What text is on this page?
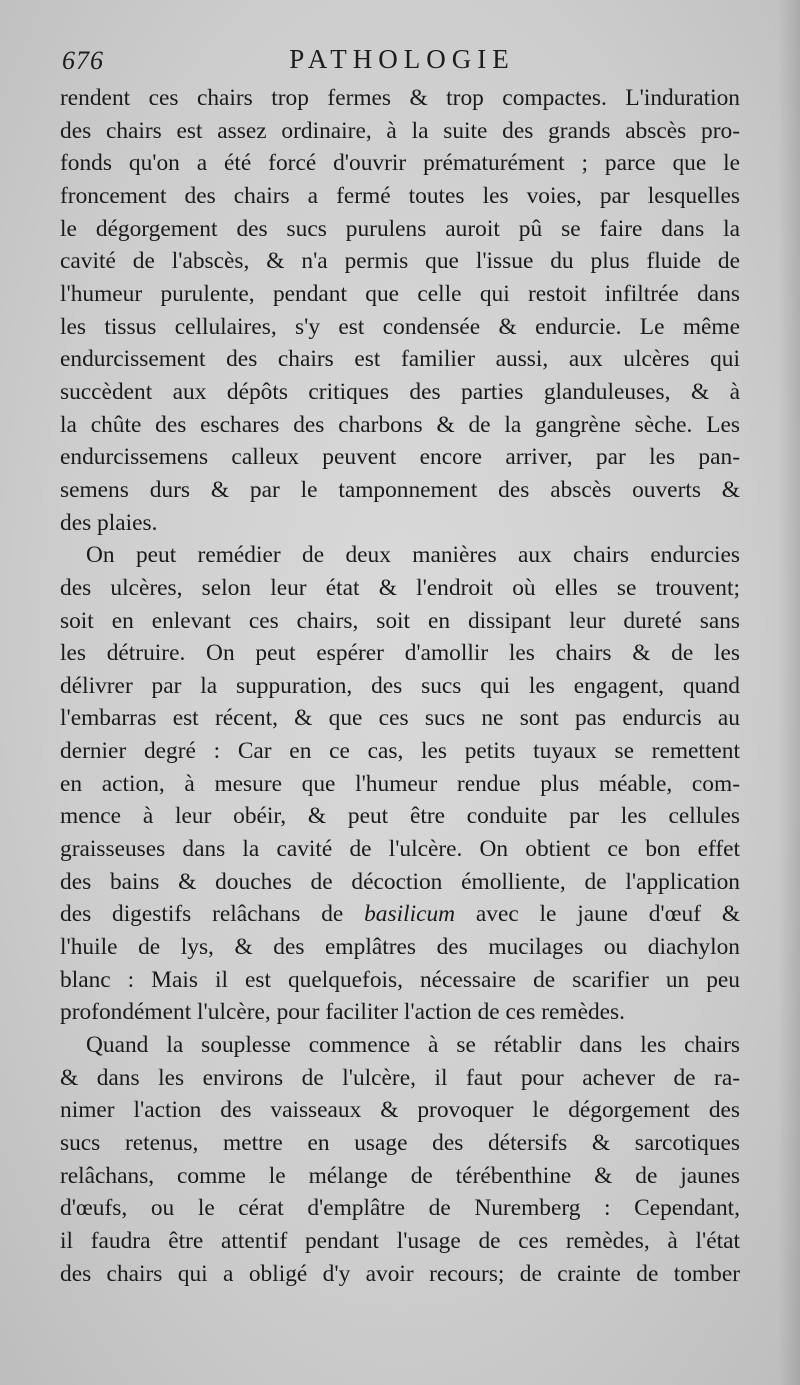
676	PATHOLOGIE
rendent ces chairs trop fermes & trop compactes. L'induration
des chairs est assez ordinaire, à la suite des grands abscès pro-
fonds qu'on a été forcé d'ouvrir prématurément ; parce que le
froncement des chairs a fermé toutes les voies, par lesquelles
le dégorgement des sucs purulens auroit pû se faire dans la
cavité de l'abscès, & n'a permis que l'issue du plus fluide de
l'humeur purulente, pendant que celle qui restoit infiltrée dans
les tissus cellulaires, s'y est condensée & endurcie. Le même
endurcissement des chairs est familier aussi, aux ulcères qui
succèdent aux dépôts critiques des parties glanduleuses, & à
la chûte des eschares des charbons & de la gangrène sèche. Les
endurcissemens calleux peuvent encore arriver, par les pan-
semens durs & par le tamponnement des abscès ouverts &
des plaies.
On peut remédier de deux manières aux chairs endurcies
des ulcères, selon leur état & l'endroit où elles se trouvent;
soit en enlevant ces chairs, soit en dissipant leur dureté sans
les détruire. On peut espérer d'amollir les chairs & de les
délivrer par la suppuration, des sucs qui les engagent, quand
l'embarras est récent, & que ces sucs ne sont pas endurcis au
dernier degré : Car en ce cas, les petits tuyaux se remettent
en action, à mesure que l'humeur rendue plus méable, com-
mence à leur obéir, & peut être conduite par les cellules
graisseuses dans la cavité de l'ulcère. On obtient ce bon effet
des bains & douches de décoction émolliente, de l'application
des digestifs relâchans de basilicum avec le jaune d'œuf &
l'huile de lys, & des emplâtres des mucilages ou diachylon
blanc : Mais il est quelquefois, nécessaire de scarifier un peu
profondément l'ulcère, pour faciliter l'action de ces remèdes.
Quand la souplesse commence à se rétablir dans les chairs
& dans les environs de l'ulcère, il faut pour achever de ra-
nimer l'action des vaisseaux & provoquer le dégorgement des
sucs retenus, mettre en usage des détersifs & sarcotiques
relâchans, comme le mélange de térébenthine & de jaunes
d'œufs, ou le cérat d'emplâtre de Nuremberg : Cependant,
il faudra être attentif pendant l'usage de ces remèdes, à l'état
des chairs qui a obligé d'y avoir recours; de crainte de tomber
